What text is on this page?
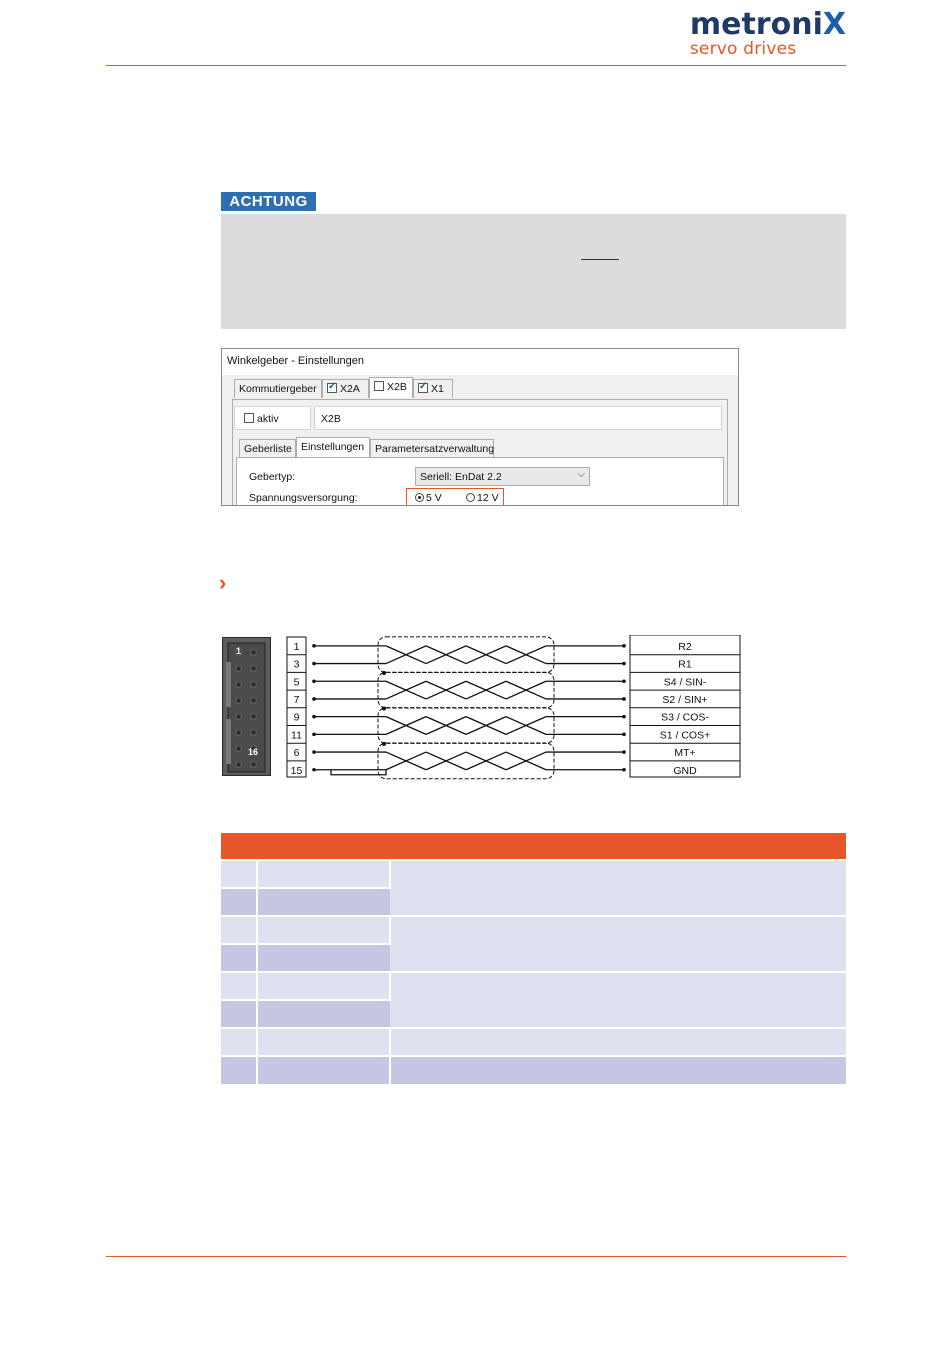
metroniX
servo drives
ACHTUNG
Winkelgeber - Einstellungen
Kommutiergeber ✓	X2A	X2B ✓	X1
aktiv	X2B
Geberliste Einstellungen	Parametersatzverwaltung
Gebertyp:	Seriell: EnDat 2.2	⌵
Spannungsversorgung:	5 V	12 V
›
1
16
1	R2
3	R1
5	S4 / SIN-
7	S2 / SIN+
9	S3 / COS-
11	S1 / COS+
6	MT+
15	GND
